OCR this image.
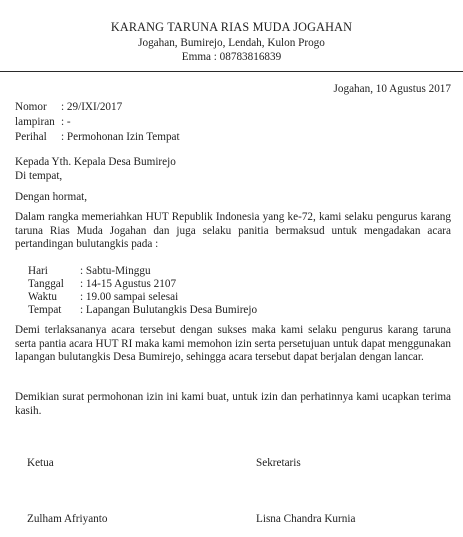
KARANG TARUNA RIAS MUDA JOGAHAN
Jogahan, Bumirejo, Lendah, Kulon Progo
Emma : 08783816839
Jogahan, 10 Agustus 2017
Nomor : 29/IXI/2017
lampiran : -
Perihal : Permohonan Izin Tempat
Kepada Yth. Kepala Desa Bumirejo
Di tempat,
Dengan hormat,
Dalam rangka memeriahkan HUT Republik Indonesia yang ke-72, kami selaku pengurus karang taruna Rias Muda Jogahan dan juga selaku panitia bermaksud untuk mengadakan acara pertandingan bulutangkis pada :
Hari	: Sabtu-Minggu
Tanggal : 14-15 Agustus 2107
Waktu : 19.00 sampai selesai
Tempat : Lapangan Bulutangkis Desa Bumirejo
Demi terlaksananya acara tersebut dengan sukses maka kami selaku pengurus karang taruna serta pantia acara HUT RI maka kami memohon izin serta persetujuan untuk dapat menggunakan lapangan bulutangkis Desa Bumirejo, sehingga acara tersebut dapat berjalan dengan lancar.
Demikian surat permohonan izin ini kami buat, untuk izin dan perhatinnya kami ucapkan terima kasih.
Ketua	Sekretaris
Zulham Afriyanto	Lisna Chandra Kurnia
